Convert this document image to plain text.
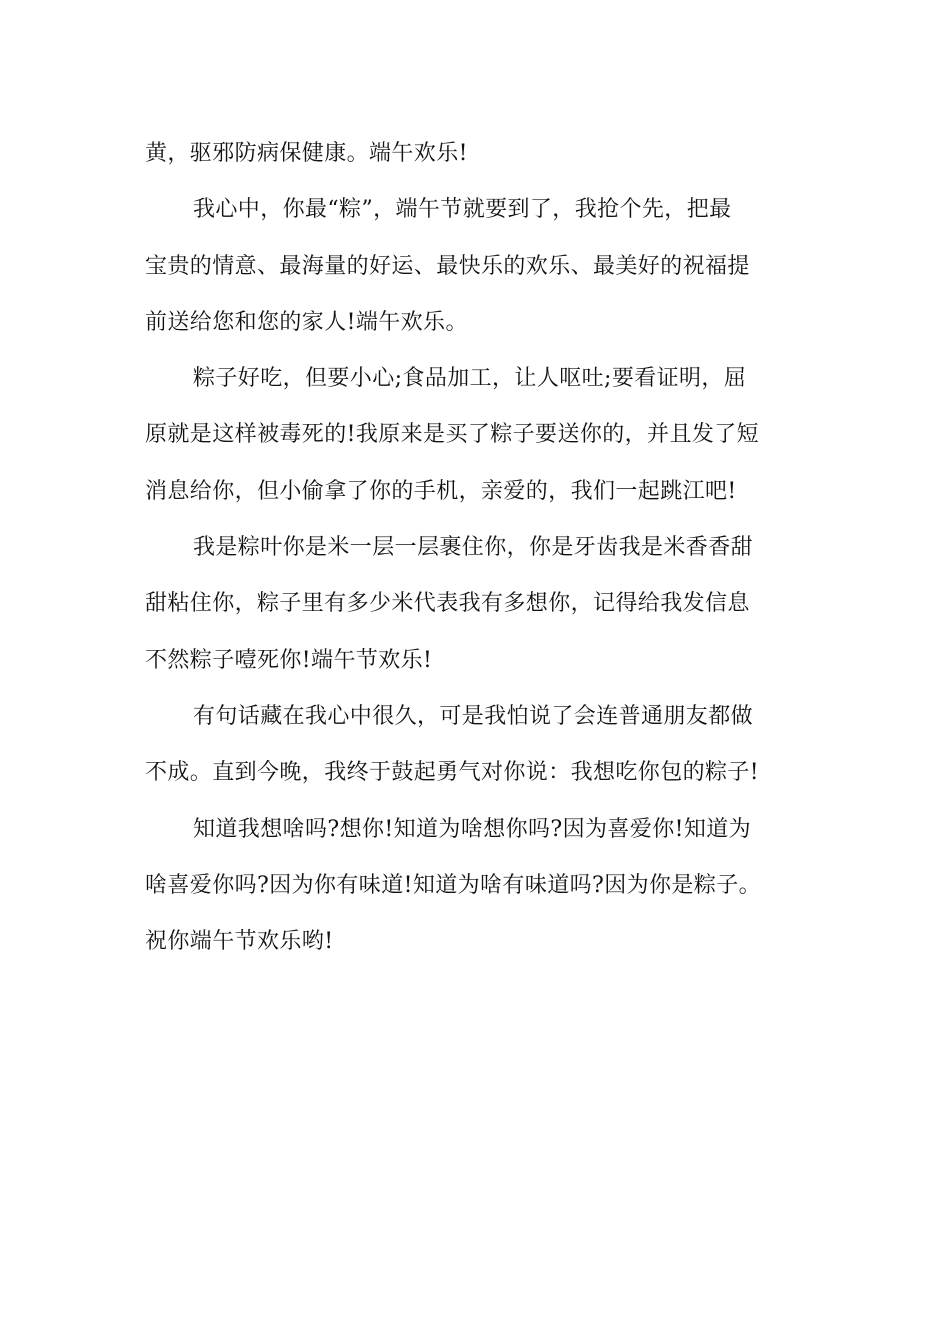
黄，驱邪防病保健康。端午欢乐!
我心中，你最“粽”，端午节就要到了，我抢个先，把最
宝贵的情意、最海量的好运、最快乐的欢乐、最美好的祝福提
前送给您和您的家人!端午欢乐。
粽子好吃，但要小心;食品加工，让人呕吐;要看证明，屈
原就是这样被毒死的!我原来是买了粽子要送你的，并且发了短
消息给你，但小偷拿了你的手机，亲爱的，我们一起跳江吧!
我是粽叶你是米一层一层裹住你，你是牙齿我是米香香甜
甜粘住你，粽子里有多少米代表我有多想你，记得给我发信息
不然粽子噎死你!端午节欢乐!
有句话藏在我心中很久，可是我怕说了会连普通朋友都做
不成。直到今晚，我终于鼓起勇气对你说：我想吃你包的粽子!
知道我想啥吗?想你!知道为啥想你吗?因为喜爱你!知道为
啥喜爱你吗?因为你有味道!知道为啥有味道吗?因为你是粽子。
祝你端午节欢乐哟!
